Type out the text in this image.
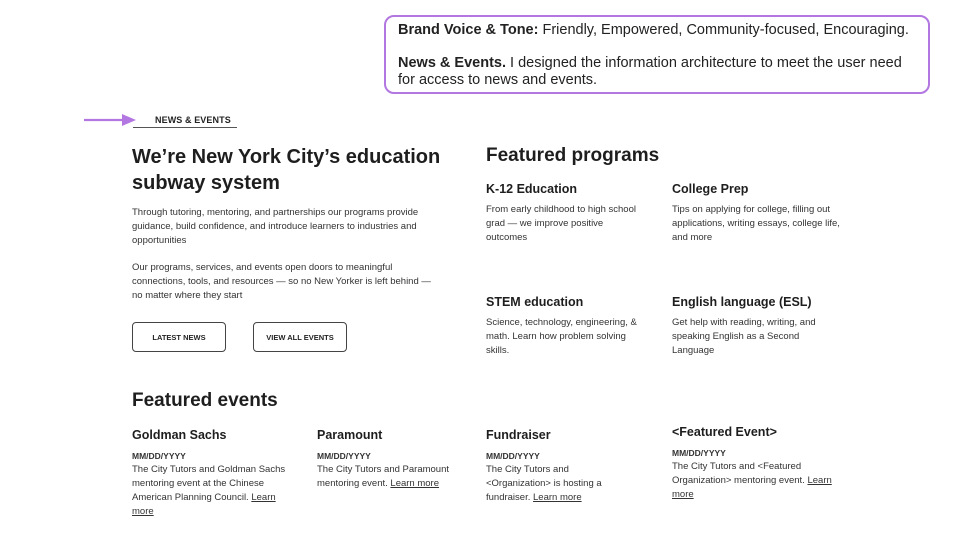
Brand Voice & Tone: Friendly, Empowered, Community-focused, Encouraging.

News & Events. I designed the information architecture to meet the user need for access to news and events.

NEWS & EVENTS
We’re New York City’s education subway system

Through tutoring, mentoring, and partnerships our programs provide guidance, build confidence, and introduce learners to industries and opportunities

Our programs, services, and events open doors to meaningful connections, tools, and resources — so no New Yorker is left behind — no matter where they start

LATEST NEWS	VIEW ALL EVENTS
Featured programs
K-12 Education

From early childhood to high school grad — we improve positive outcomes

College Prep

Tips on applying for college, filling out applications, writing essays, college life, and more

STEM education

Science, technology, engineering, & math. Learn how problem solving skills.

English language (ESL)

Get help with reading, writing, and speaking English as a Second Language

Featured events
Goldman Sachs

MM/DD/YYYY

The City Tutors and Goldman Sachs mentoring event at the Chinese American Planning Council. Learn more

Paramount

MM/DD/YYYY

The City Tutors and Paramount mentoring event. Learn more

Fundraiser

MM/DD/YYYY

The City Tutors and <Organization> is hosting a fundraiser. Learn more

<Featured Event>

MM/DD/YYYY

The City Tutors and <Featured Organization> mentoring event. Learn more
